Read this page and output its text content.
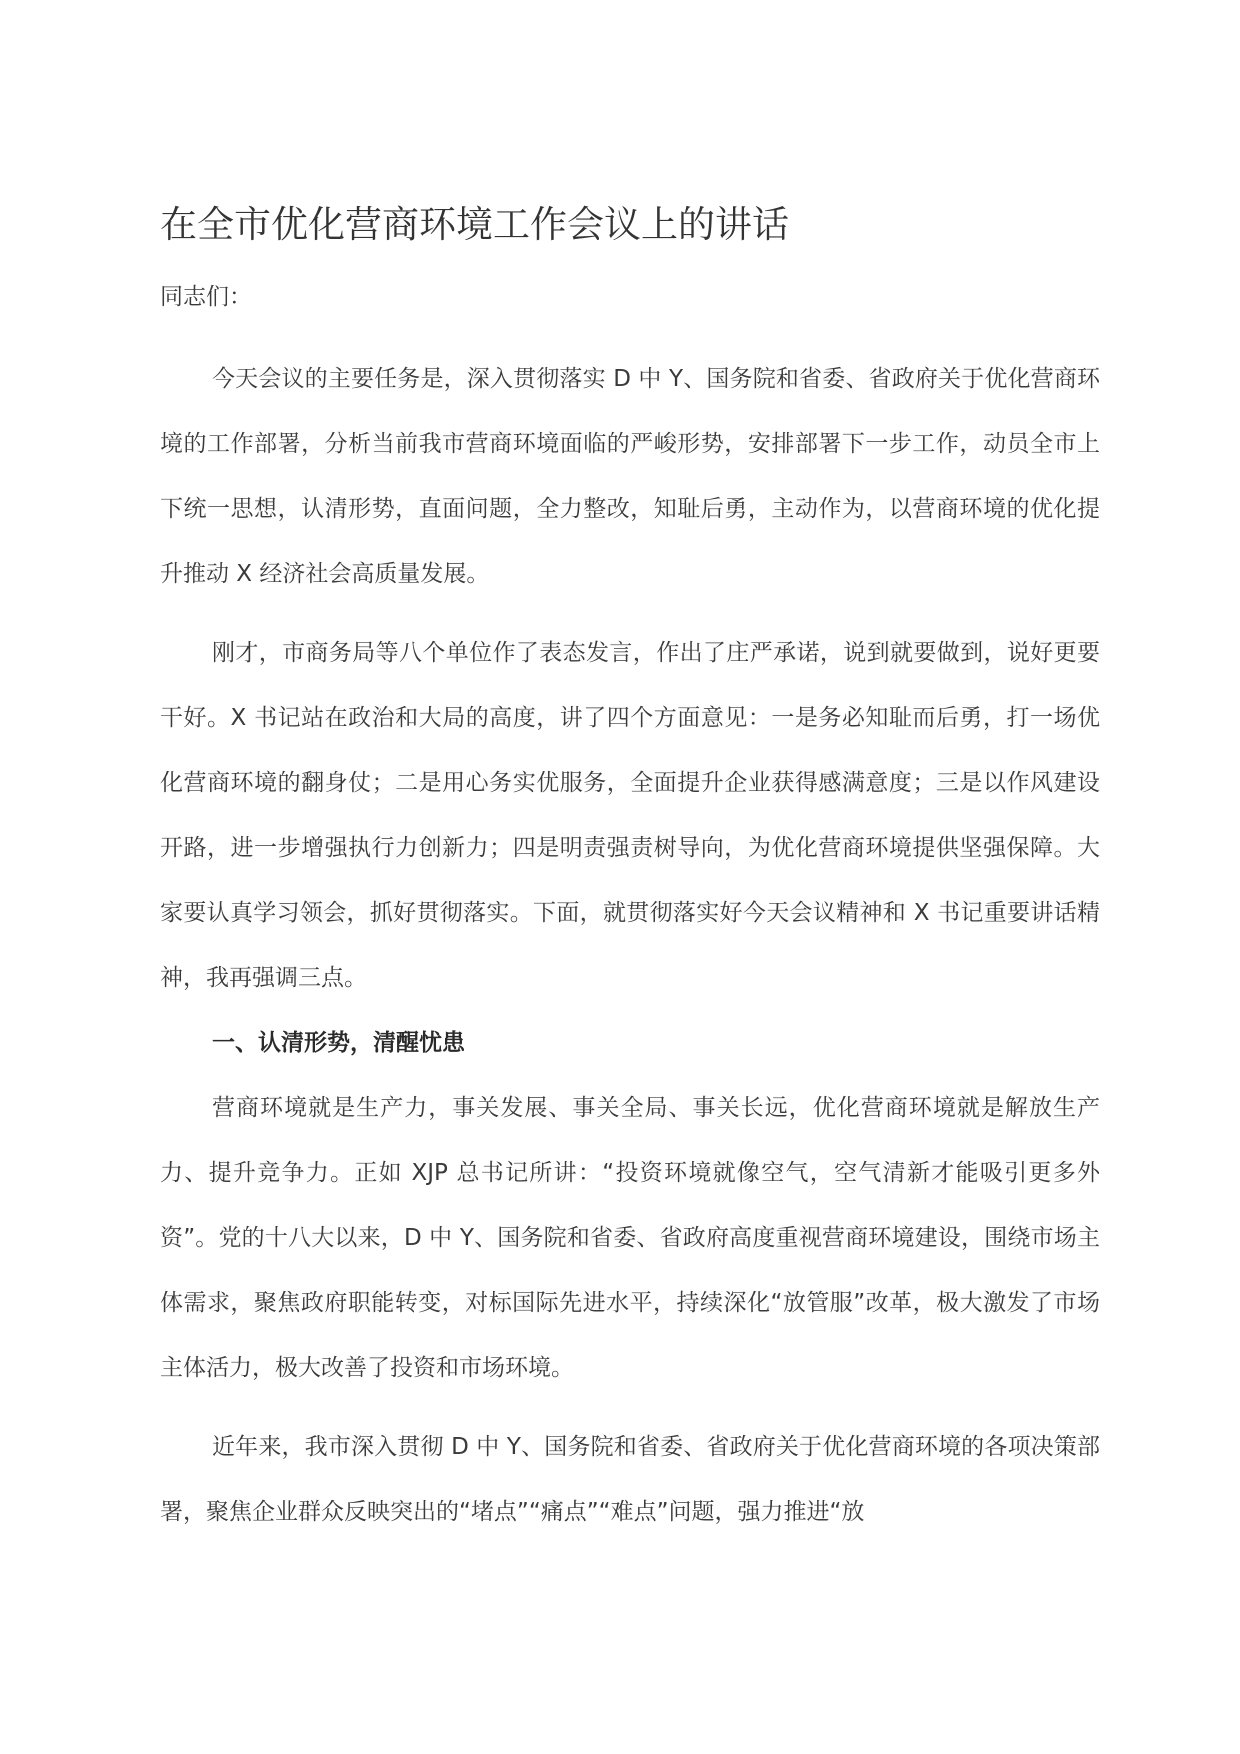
在全市优化营商环境工作会议上的讲话

同志们：

今天会议的主要任务是，深入贯彻落实 D 中 Y、国务院和省委、省政府关于优化营商环境的工作部署，分析当前我市营商环境面临的严峻形势，安排部署下一步工作，动员全市上下统一思想，认清形势，直面问题，全力整改，知耻后勇，主动作为，以营商环境的优化提升推动 X 经济社会高质量发展。

刚才，市商务局等八个单位作了表态发言，作出了庄严承诺，说到就要做到，说好更要干好。X 书记站在政治和大局的高度，讲了四个方面意见：一是务必知耻而后勇，打一场优化营商环境的翻身仗；二是用心务实优服务，全面提升企业获得感满意度；三是以作风建设开路，进一步增强执行力创新力；四是明责强责树导向，为优化营商环境提供坚强保障。大家要认真学习领会，抓好贯彻落实。下面，就贯彻落实好今天会议精神和 X 书记重要讲话精神，我再强调三点。

一、认清形势，清醒忧患

营商环境就是生产力，事关发展、事关全局、事关长远，优化营商环境就是解放生产力、提升竞争力。正如 XJP 总书记所讲：“投资环境就像空气，空气清新才能吸引更多外资”。党的十八大以来，D 中 Y、国务院和省委、省政府高度重视营商环境建设，围绕市场主体需求，聚焦政府职能转变，对标国际先进水平，持续深化“放管服”改革，极大激发了市场主体活力，极大改善了投资和市场环境。

近年来，我市深入贯彻 D 中 Y、国务院和省委、省政府关于优化营商环境的各项决策部署，聚焦企业群众反映突出的“堵点”“痛点”“难点”问题，强力推进“放
